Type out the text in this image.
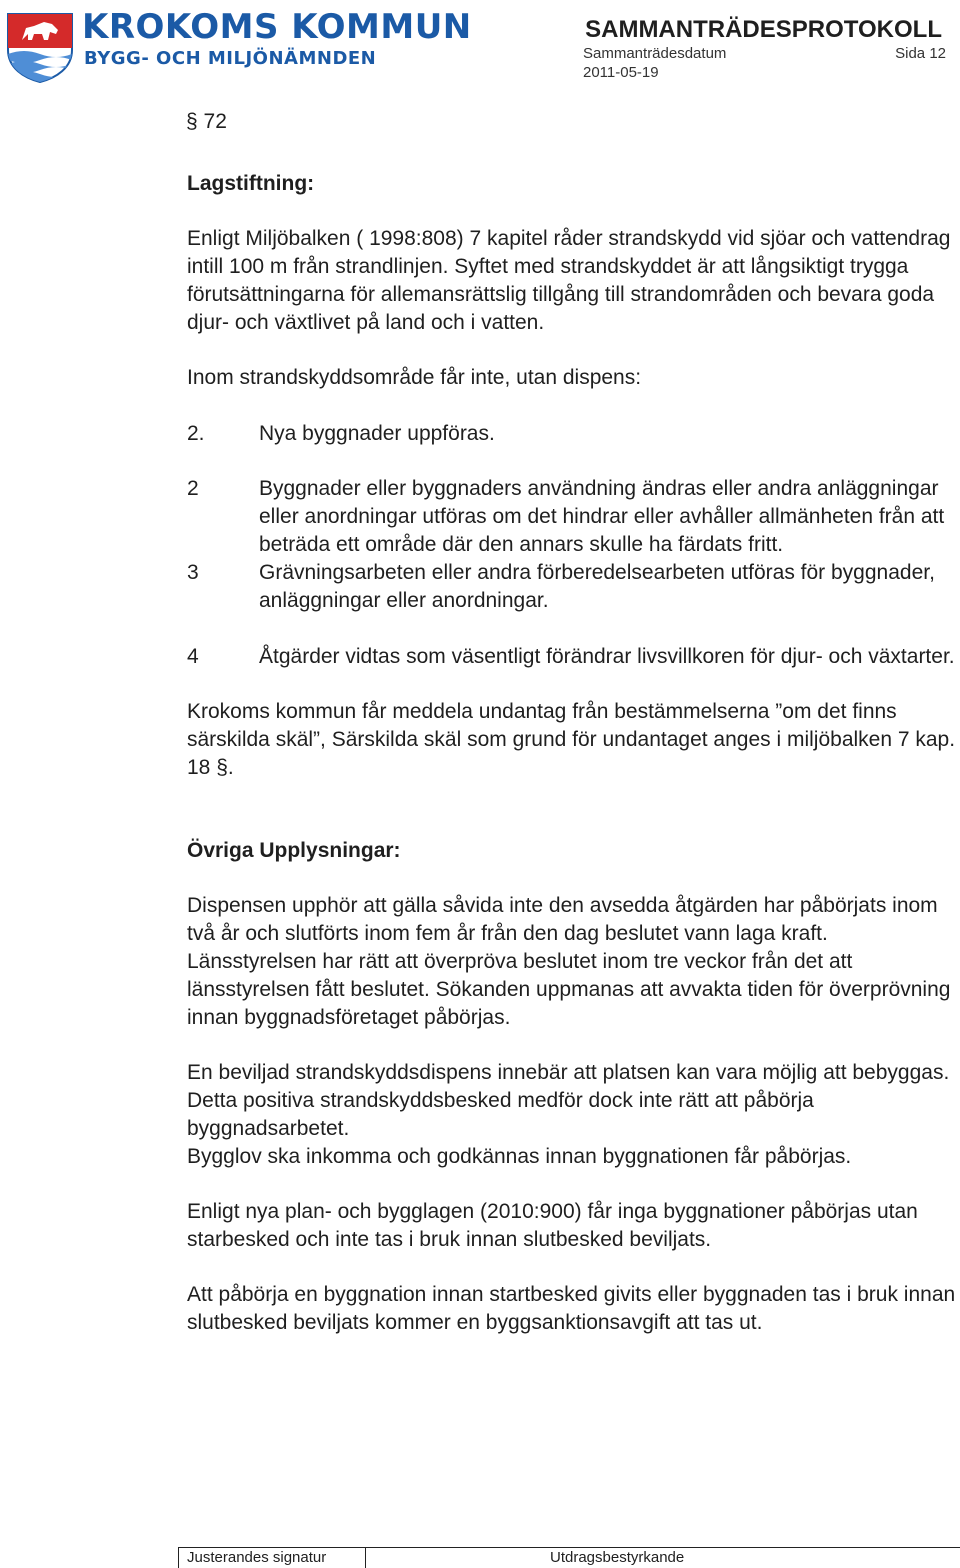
KROKOMS KOMMUN
BYGG- OCH MILJÖNÄMNDEN
SAMMANTRÄDESPROTOKOLL
Sammanträdesdatum	Sida 12
2011-05-19

§ 72

Lagstiftning:

Enligt Miljöbalken ( 1998:808) 7 kapitel råder strandskydd vid sjöar och vattendrag intill 100 m från strandlinjen. Syftet med strandskyddet är att långsiktigt trygga förutsättningarna för allemansrättslig tillgång till strandområden och bevara goda djur- och växtlivet på land och i vatten.

Inom strandskyddsområde får inte, utan dispens:

2.	Nya byggnader uppföras.
2	Byggnader eller byggnaders användning ändras eller andra anläggningar eller anordningar utföras om det hindrar eller avhåller allmänheten från att beträda ett område där den annars skulle ha färdats fritt.
3	Grävningsarbeten eller andra förberedelsearbeten utföras för byggnader, anläggningar eller anordningar.
4	Åtgärder vidtas som väsentligt förändrar livsvillkoren för djur- och växtarter.

Krokoms kommun får meddela undantag från bestämmelserna ”om det finns särskilda skäl”, Särskilda skäl som grund för undantaget anges i miljöbalken 7 kap. 18 §.

Övriga Upplysningar:

Dispensen upphör att gälla såvida inte den avsedda åtgärden har påbörjats inom två år och slutförts inom fem år från den dag beslutet vann laga kraft. Länsstyrelsen har rätt att överpröva beslutet inom tre veckor från det att länsstyrelsen fått beslutet. Sökanden uppmanas att avvakta tiden för överprövning innan byggnadsföretaget påbörjas.

En beviljad strandskyddsdispens innebär att platsen kan vara möjlig att bebyggas.

Detta positiva strandskyddsbesked medför dock inte rätt att påbörja byggnadsarbetet.

Bygglov ska inkomma och godkännas innan byggnationen får påbörjas.

Enligt nya plan- och bygglagen (2010:900) får inga byggnationer påbörjas utan starbesked och inte tas i bruk innan slutbesked beviljats.

Att påbörja en byggnation innan startbesked givits eller byggnaden tas i bruk innan slutbesked beviljats kommer en byggsanktionsavgift att tas ut.

Justerandes signatur	Utdragsbestyrkande
